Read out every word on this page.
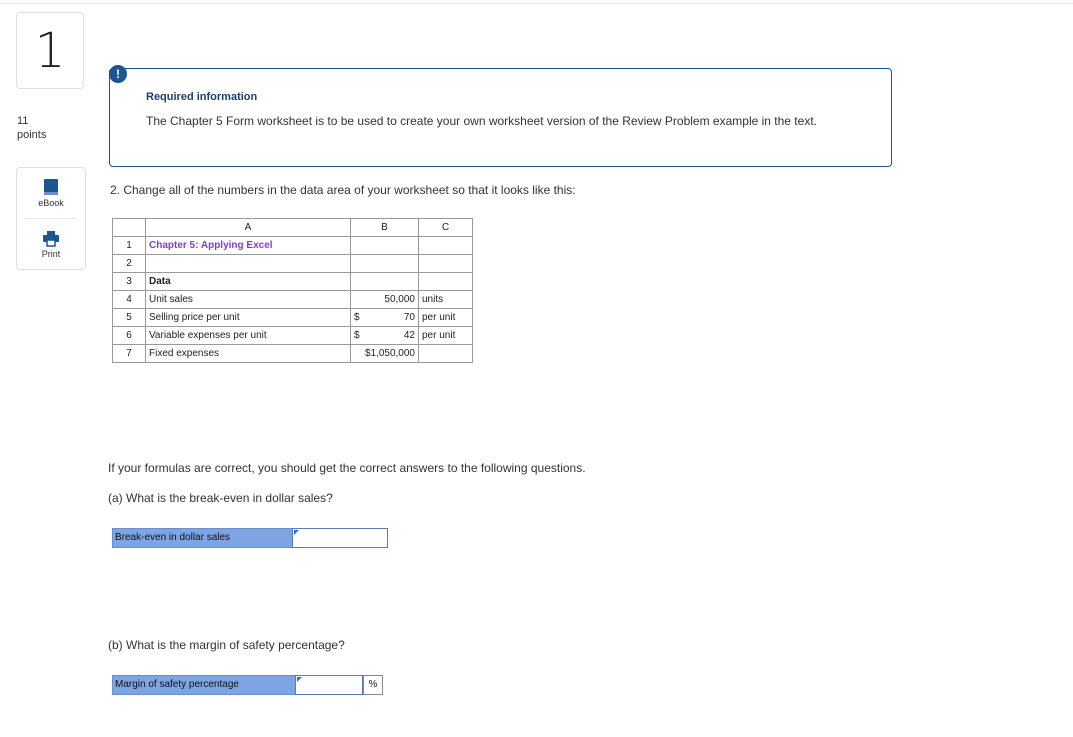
1
11
points
eBook
Print
Required information
The Chapter 5 Form worksheet is to be used to create your own worksheet version of the Review Problem example in the text.
!
2. Change all of the numbers in the data area of your worksheet so that it looks like this:
	A	B	C
1	Chapter 5: Applying Excel	

2		

3	Data	

4	Unit sales	50,000	units
5	Selling price per unit	$ 70	per unit
6	Variable expenses per unit	$ 42	per unit
7	Fixed expenses	$1,050,000	
If your formulas are correct, you should get the correct answers to the following questions.
(a) What is the break-even in dollar sales?
Break-even in dollar sales
(b) What is the margin of safety percentage?
Margin of safety percentage	%
